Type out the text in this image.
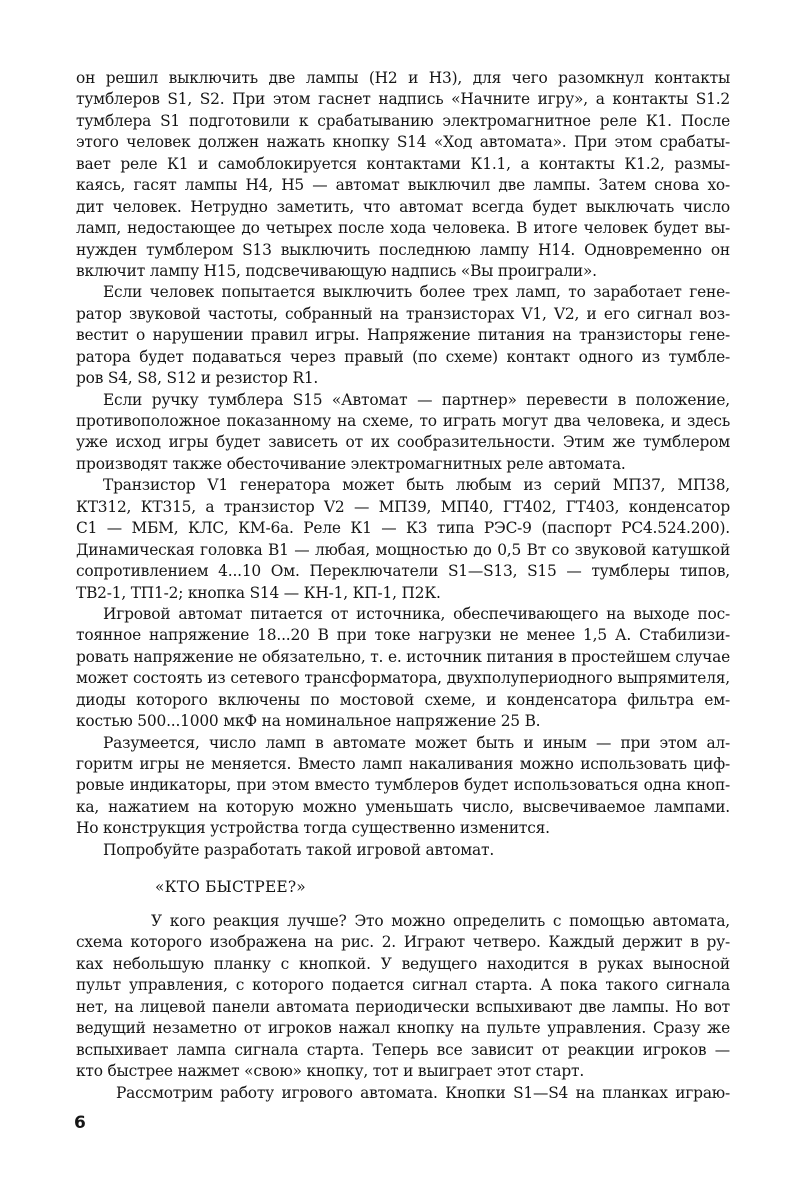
он решил выключить две лампы (Н2 и Н3), для чего разомкнул контакты
тумблеров S1, S2. При этом гаснет надпись «Начните игру», а контакты S1.2
тумблера S1 подготовили к срабатыванию электромагнитное реле К1. После
этого человек должен нажать кнопку S14 «Ход автомата». При этом срабаты-
вает реле К1 и самоблокируется контактами К1.1, а контакты К1.2, размы-
каясь, гасят лампы Н4, Н5 — автомат выключил две лампы. Затем снова хо-
дит человек. Нетрудно заметить, что автомат всегда будет выключать число
ламп, недостающее до четырех после хода человека. В итоге человек будет вы-
нужден тумблером S13 выключить последнюю лампу Н14. Одновременно он
включит лампу Н15, подсвечивающую надпись «Вы проиграли».
Если человек попытается выключить более трех ламп, то заработает гене-
ратор звуковой частоты, собранный на транзисторах V1, V2, и его сигнал воз-
вестит о нарушении правил игры. Напряжение питания на транзисторы гене-
ратора будет подаваться через правый (по схеме) контакт одного из тумбле-
ров S4, S8, S12 и резистор R1.
Если ручку тумблера S15 «Автомат — партнер» перевести в положение,
противоположное показанному на схеме, то играть могут два человека, и здесь
уже исход игры будет зависеть от их сообразительности. Этим же тумблером
производят также обесточивание электромагнитных реле автомата.
Транзистор V1 генератора может быть любым из серий МП37, МП38,
КТ312, КТ315, а транзистор V2 — МП39, МП40, ГТ402, ГТ403, конденсатор
С1 — МБМ, КЛС, КМ-6а. Реле К1 — К3 типа РЭС-9 (паспорт РС4.524.200).
Динамическая головка В1 — любая, мощностью до 0,5 Вт со звуковой катушкой
сопротивлением 4...10 Ом. Переключатели S1—S13, S15 — тумблеры типов,
ТВ2-1, ТП1-2; кнопка S14 — КН-1, КП-1, П2К.
Игровой автомат питается от источника, обеспечивающего на выходе пос-
тоянное напряжение 18...20 В при токе нагрузки не менее 1,5 А. Стабилизи-
ровать напряжение не обязательно, т. е. источник питания в простейшем случае
может состоять из сетевого трансформатора, двухполупериодного выпрямителя,
диоды которого включены по мостовой схеме, и конденсатора фильтра ем-
костью 500...1000 мкФ на номинальное напряжение 25 В.
Разумеется, число ламп в автомате может быть и иным — при этом ал-
горитм игры не меняется. Вместо ламп накаливания можно использовать циф-
ровые индикаторы, при этом вместо тумблеров будет использоваться одна кноп-
ка, нажатием на которую можно уменьшать число, высвечиваемое лампами.
Но конструкция устройства тогда существенно изменится.
Попробуйте разработать такой игровой автомат.
«КТО БЫСТРЕЕ?»
У кого реакция лучше? Это можно определить с помощью автомата,
схема которого изображена на рис. 2. Играют четверо. Каждый держит в ру-
ках небольшую планку с кнопкой. У ведущего находится в руках выносной
пульт управления, с которого подается сигнал старта. А пока такого сигнала
нет, на лицевой панели автомата периодически вспыхивают две лампы. Но вот
ведущий незаметно от игроков нажал кнопку на пульте управления. Сразу же
вспыхивает лампа сигнала старта. Теперь все зависит от реакции игроков —
кто быстрее нажмет «свою» кнопку, тот и выиграет этот старт.
Рассмотрим работу игрового автомата. Кнопки S1—S4 на планках играю-
6
